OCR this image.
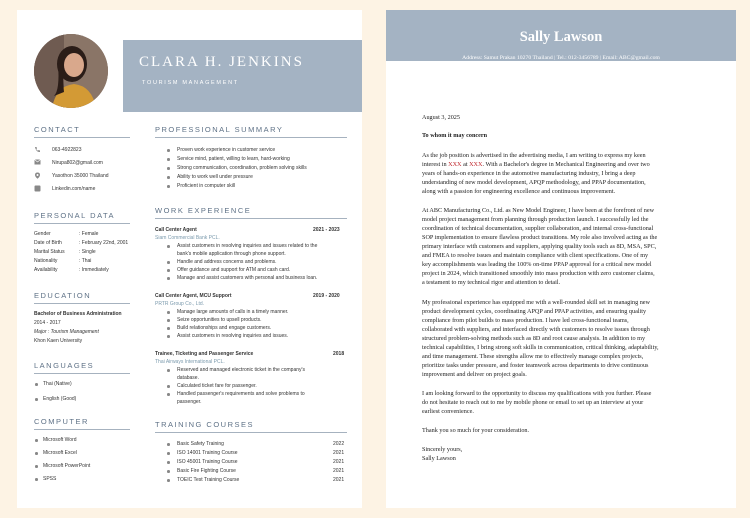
CLARA H. JENKINS
TOURISM MANAGEMENT
CONTACT
063-4922823
Nirupa802@gmail.com
Yasothon 35000 Thailand
Linkedin.com/name
PERSONAL DATA
Gender	: Female
Date of Birth	: February 22nd, 2001
Marital Status	: Single
Nationality	: Thai
Availability	: Immediately
EDUCATION
Bachelor of Business Administration
2014 - 2017
Major : Tourism Management
Khon Kaen University
LANGUAGES
Thai (Native)
English (Good)
COMPUTER
Microsoft Word
Microsoft Excel
Microsoft PowerPoint
SPSS
PROFESSIONAL SUMMARY
Proven work experience in customer service
Service mind, patient, willing to learn, hard-working
Strong communication, coordination, problem solving skills
Ability to work well under pressure
Proficient in computer skill
WORK EXPERIENCE
Call Center Agent	2021 - 2023
Siam Commercial Bank PCL.
Assist customers in resolving inquiries and issues related to the
bank's mobile application through phone support.
Handle and address concerns and problems.
Offer guidance and support for ATM and cash card.
Manage and assist customers with personal and business loan.
Call Center Agent, MCU Support	2019 - 2020
PRTR Group Co., Ltd.
Manage large amounts of calls in a timely manner.
Seize opportunities to upsell products.
Build relationships and engage customers.
Assist customers in resolving inquiries and issues.
Trainee, Ticketing and Passenger Service	2018
Thai Airways International PCL.
Reserved and managed electronic ticket in the company's
database.
Calculated ticket fare for passenger.
Handled passenger's requirements and solve problems to
passenger.
TRAINING COURSES
Basic Safety Training	2022
ISO 14001 Training Course	2021
ISO 45001 Training Course	2021
Basic Fire Fighting Course	2021
TOEIC Test Training Course	2021
Sally Lawson
Address: Samut Prakan 10270 Thailand | Tel.: 012-3456789 | Email: ABC@gmail.com
August 3, 2025
To whom it may concern
As the job position is advertised in the advertising media, I am writing to express my keen
interest in XXX at XXX. With a Bachelor's degree in Mechanical Engineering and over two
years of hands-on experience in the automotive manufacturing industry, I bring a deep
understanding of new model development, APQP methodology, and PPAP documentation,
along with a passion for engineering excellence and continuous improvement.
At ABC Manufacturing Co., Ltd. as New Model Engineer, I have been at the forefront of new
model project management from planning through production launch. I successfully led the
coordination of technical documentation, supplier collaboration, and internal cross-functional
SOP implementation to ensure flawless product transitions. My role also involved acting as the
primary interface with customers and suppliers, applying quality tools such as 8D, MSA, SPC,
and FMEA to resolve issues and maintain compliance with client specifications. One of my
key accomplishments was leading the 100% on-time PPAP approval for a critical new model
project in 2024, which transitioned smoothly into mass production with zero customer claims,
a testament to my technical rigor and attention to detail.
My professional experience has equipped me with a well-rounded skill set in managing new
product development cycles, coordinating APQP and PPAP activities, and ensuring quality
compliance from pilot builds to mass production. I have led cross-functional teams,
collaborated with suppliers, and interfaced directly with customers to resolve issues through
structured problem-solving methods such as 8D and root cause analysis. In addition to my
technical capabilities, I bring strong soft skills in communication, critical thinking, adaptability,
and time management. These strengths allow me to effectively manage complex projects,
prioritize tasks under pressure, and foster teamwork across departments to drive continuous
improvement and deliver on project goals.
I am looking forward to the opportunity to discuss my qualifications with you further. Please
do not hesitate to reach out to me by mobile phone or email to set up an interview at your
earliest convenience.
Thank you so much for your consideration.
Sincerely yours,
Sally Lawson
